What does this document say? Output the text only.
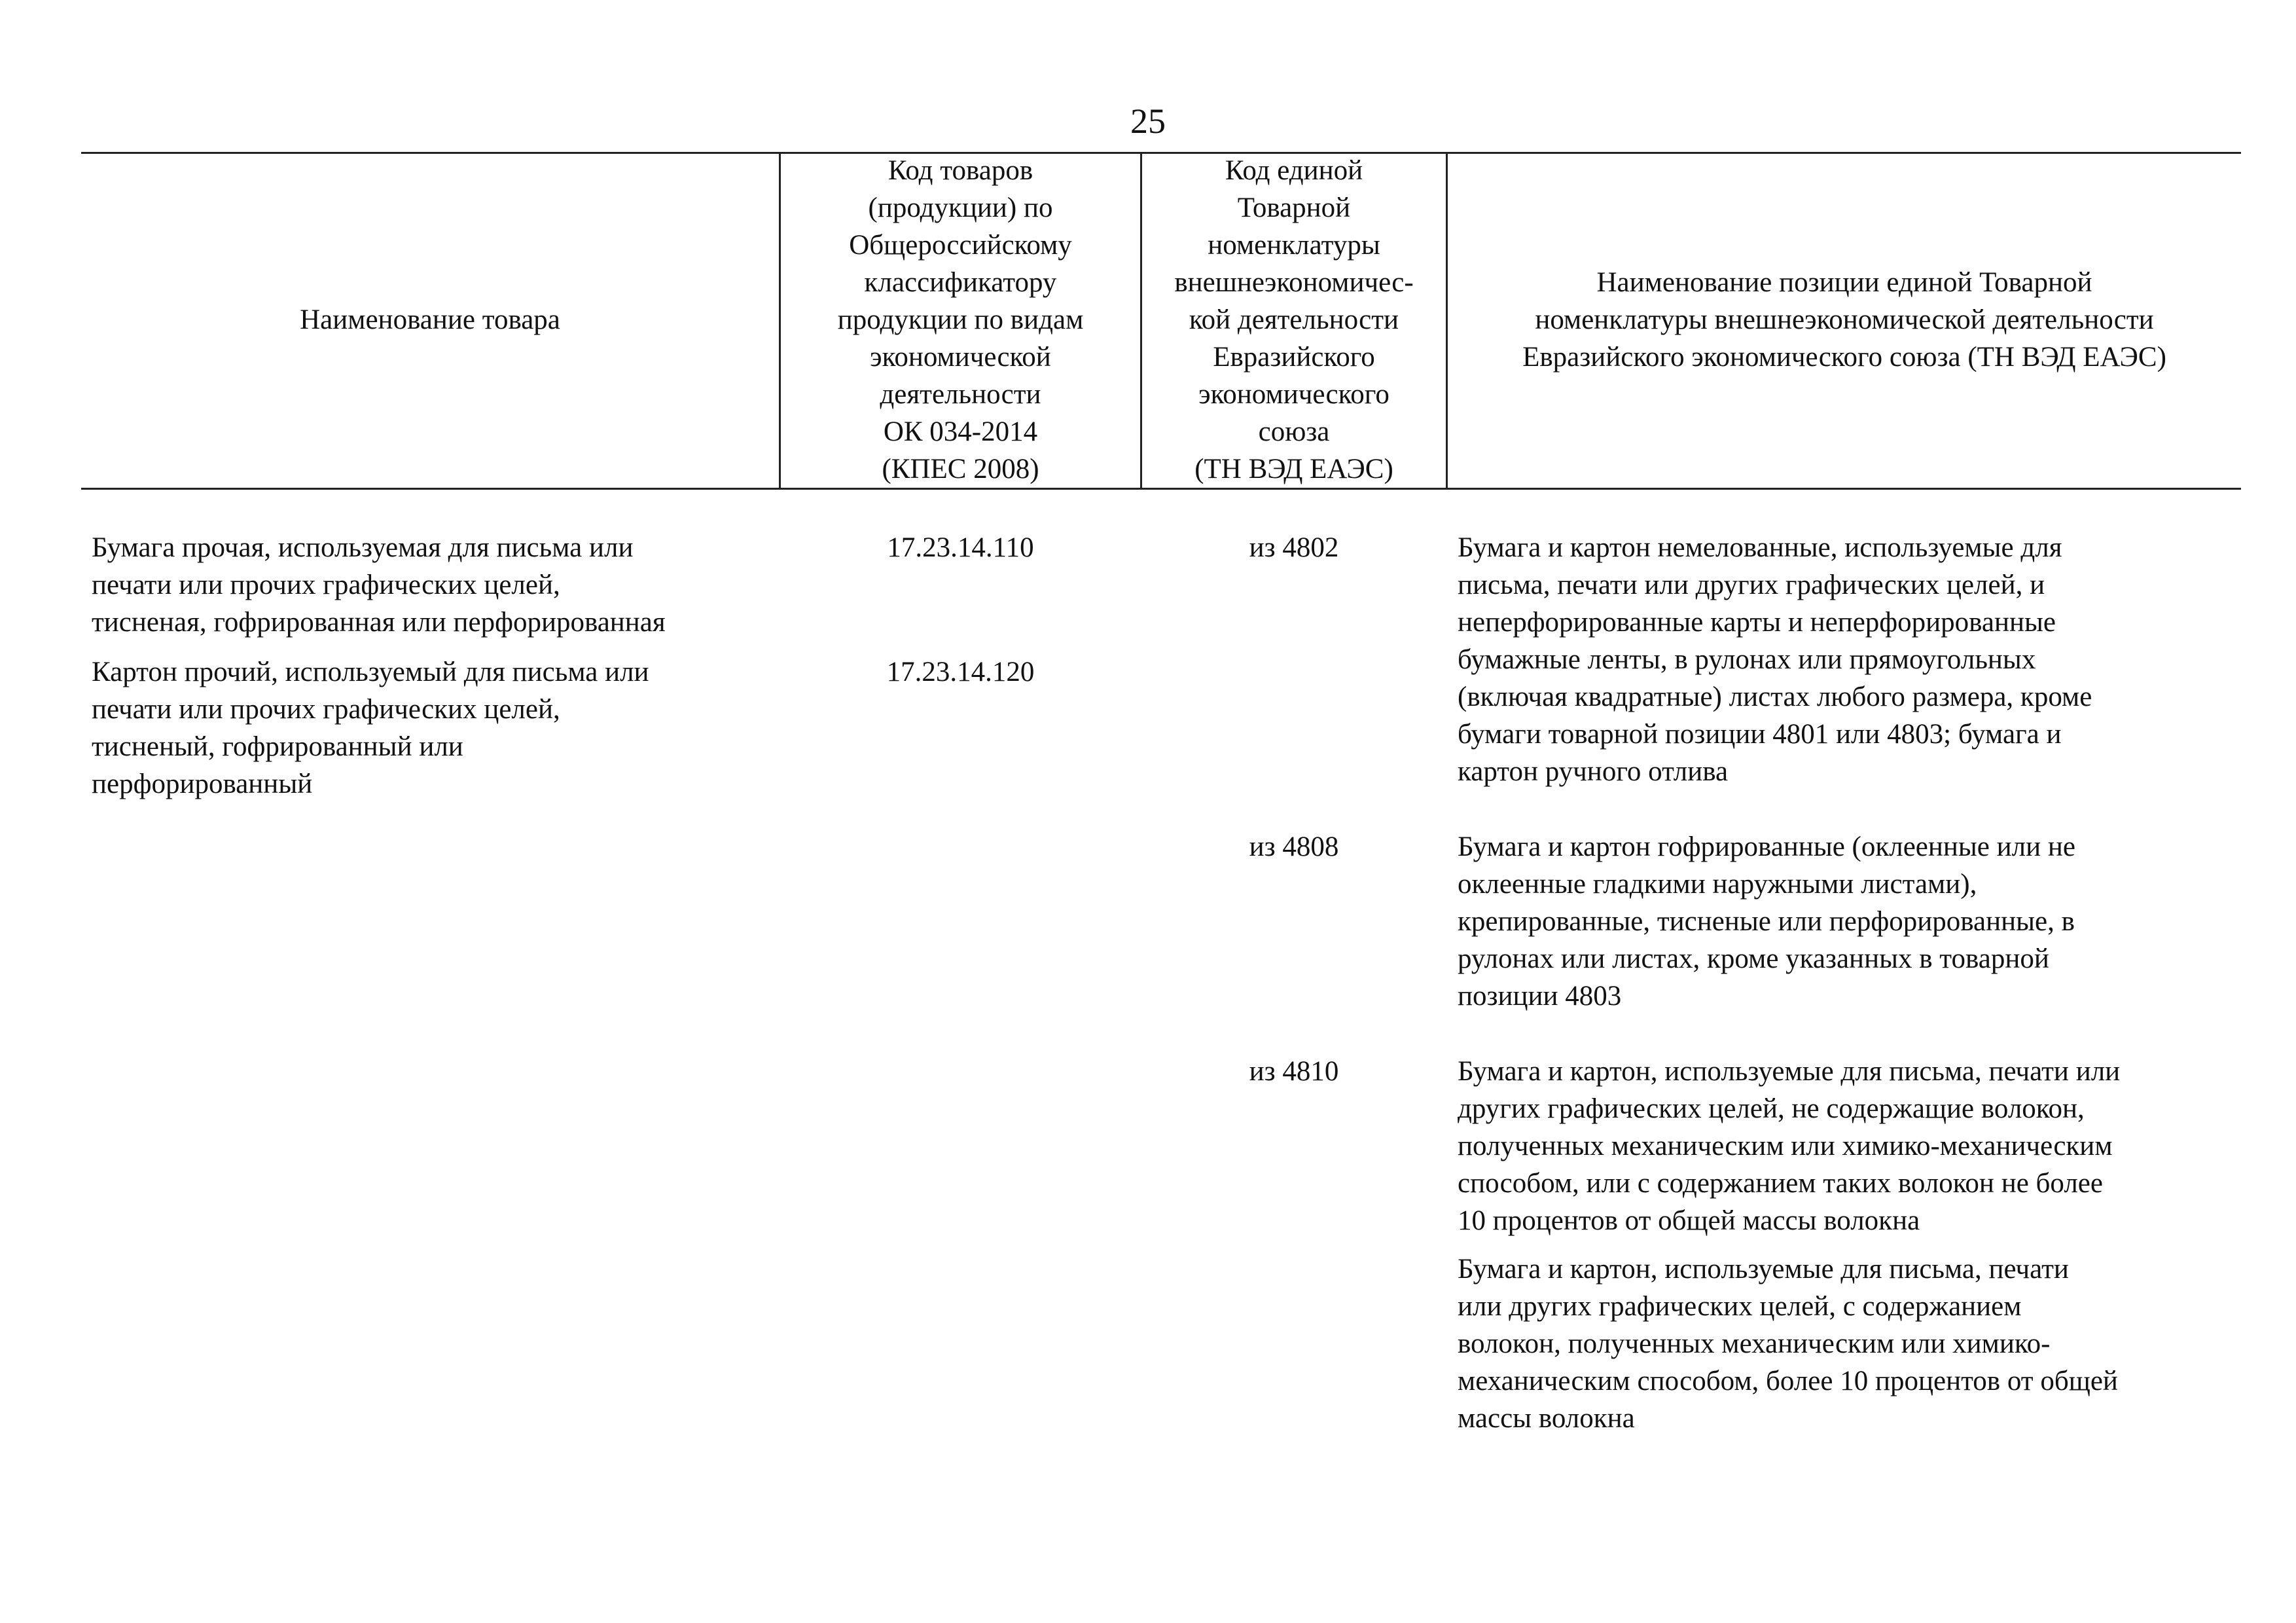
25
Наименование товара
Код товаров
(продукции) по
Общероссийскому
классификатору
продукции по видам
экономической
деятельности
ОК 034-2014
(КПЕС 2008)
Код единой
Товарной
номенклатуры
внешнеэкономичес-
кой деятельности
Евразийского
экономического
союза
(ТН ВЭД ЕАЭС)
Наименование позиции единой Товарной
номенклатуры внешнеэкономической деятельности
Евразийского экономического союза (ТН ВЭД ЕАЭС)
Бумага прочая, используемая для письма или
печати или прочих графических целей,
тисненая, гофрированная или перфорированная
Картон прочий, используемый для письма или
печати или прочих графических целей,
тисненый, гофрированный или
перфорированный
17.23.14.110
17.23.14.120
из 4802
из 4808
из 4810
Бумага и картон немелованные, используемые для
письма, печати или других графических целей, и
неперфорированные карты и неперфорированные
бумажные ленты, в рулонах или прямоугольных
(включая квадратные) листах любого размера, кроме
бумаги товарной позиции 4801 или 4803; бумага и
картон ручного отлива
Бумага и картон гофрированные (оклеенные или не
оклеенные гладкими наружными листами),
крепированные, тисненые или перфорированные, в
рулонах или листах, кроме указанных в товарной
позиции 4803
Бумага и картон, используемые для письма, печати или
других графических целей, не содержащие волокон,
полученных механическим или химико-механическим
способом, или с содержанием таких волокон не более
10 процентов от общей массы волокна
Бумага и картон, используемые для письма, печати
или других графических целей, с содержанием
волокон, полученных механическим или химико-
механическим способом, более 10 процентов от общей
массы волокна
